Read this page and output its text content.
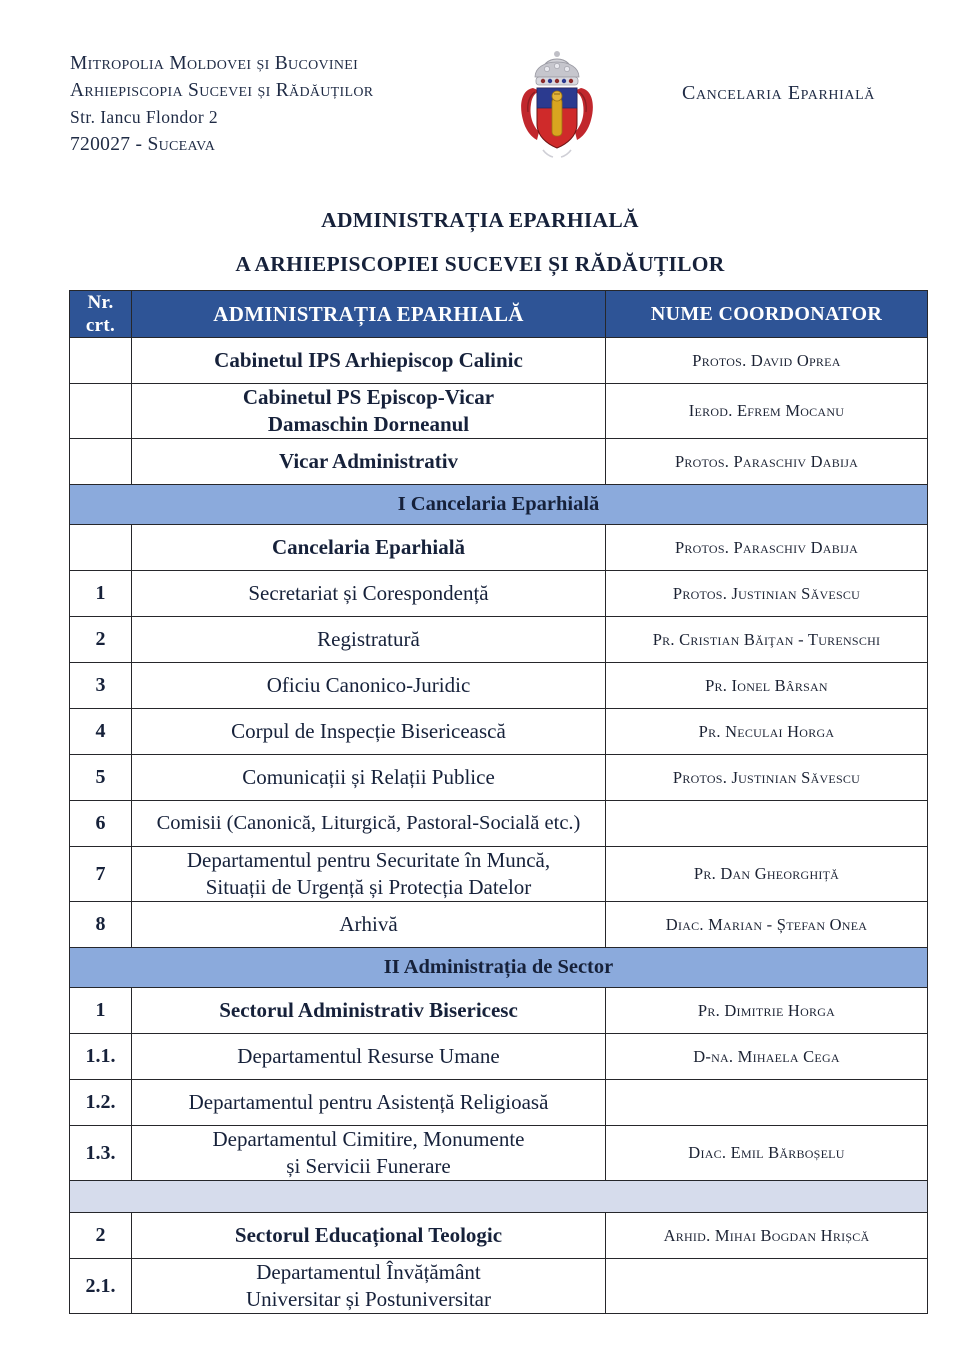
Mitropolia Moldovei și Bucovinei
Arhiepiscopia Sucevei și Rădăuților
Str. Iancu Flondor 2
720027 - Suceava
Cancelaria Eparhială
ADMINISTRAȚIA EPARHIALĂ
A ARHIEPISCOPIEI SUCEVEI ȘI RĂDĂUȚILOR
Nr.
crt.	ADMINISTRAȚIA EPARHIALĂ	NUME COORDONATOR
	Cabinetul IPS Arhiepiscop Calinic	Protos. David Oprea

	Cabinetul PS Episcop-Vicar
Damaschin Dorneanul	Ierod. Efrem Mocanu
	Vicar Administrativ	Protos. Paraschiv Dabija
I Cancelaria Eparhială		
	Cancelaria Eparhială	Protos. Paraschiv Dabija
1	Secretariat și Corespondență	Protos. Justinian Săvescu
2	Registratură	Pr. Cristian Băiţan - Turenschi
3	Oficiu Canonico-Juridic	Pr. Ionel Bârsan
4	Corpul de Inspecție Bisericească	Pr. Neculai Horga
5	Comunicații și Relații Publice	Protos. Justinian Săvescu
6	Comisii (Canonică, Liturgică, Pastoral-Socială etc.)	
7	Departamentul pentru Securitate în Muncă,
Situații de Urgență și Protecția Datelor	Pr. Dan Gheorghiță
8	Arhivă	Diac. Marian - Ștefan Onea
II Administrația de Sector		
1	Sectorul Administrativ Bisericesc	Pr. Dimitrie Horga
1.1.	Departamentul Resurse Umane	D-na. Mihaela Cega
1.2.	Departamentul pentru Asistență Religioasă	
1.3.	Departamentul Cimitire, Monumente
și Servicii Funerare	Diac. Emil Bărboșelu

2	Sectorul Educațional Teologic	Arhid. Mihai Bogdan Hrișcă
2.1.	Departamentul Învățământ
Universitar și Postuniversitar	
